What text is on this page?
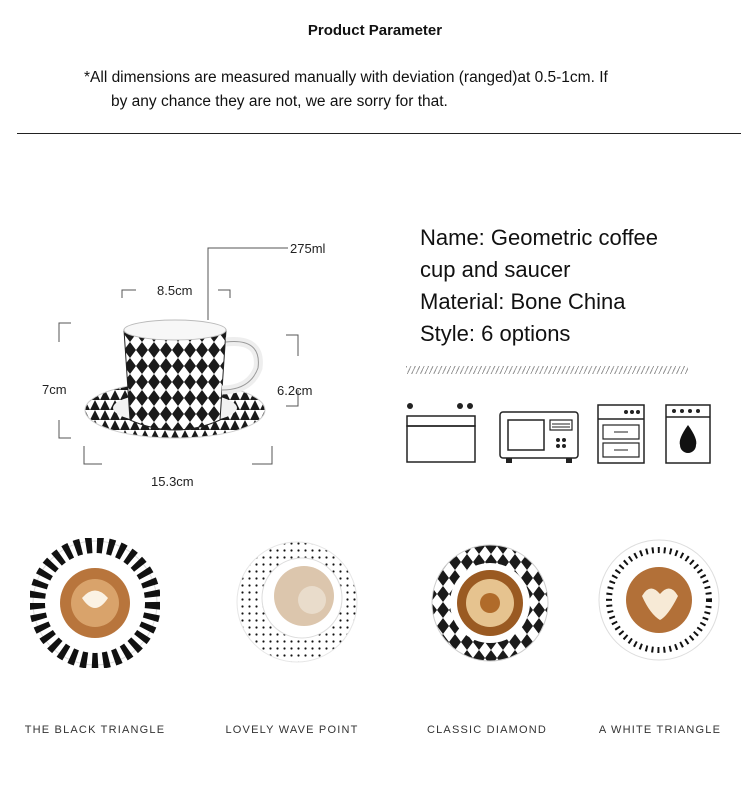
Product Parameter
*All dimensions are measured manually with deviation (ranged)at 0.5-1cm. If
by any chance they are not, we are sorry for that.
275ml
8.5cm
7cm	6.2cm
15.3cm
Name: Geometric coffee
cup and saucer
Material: Bone China
Style: 6 options
THE BLACK TRIANGLE	LOVELY WAVE POINT	CLASSIC DIAMOND	A WHITE TRIANGLE
